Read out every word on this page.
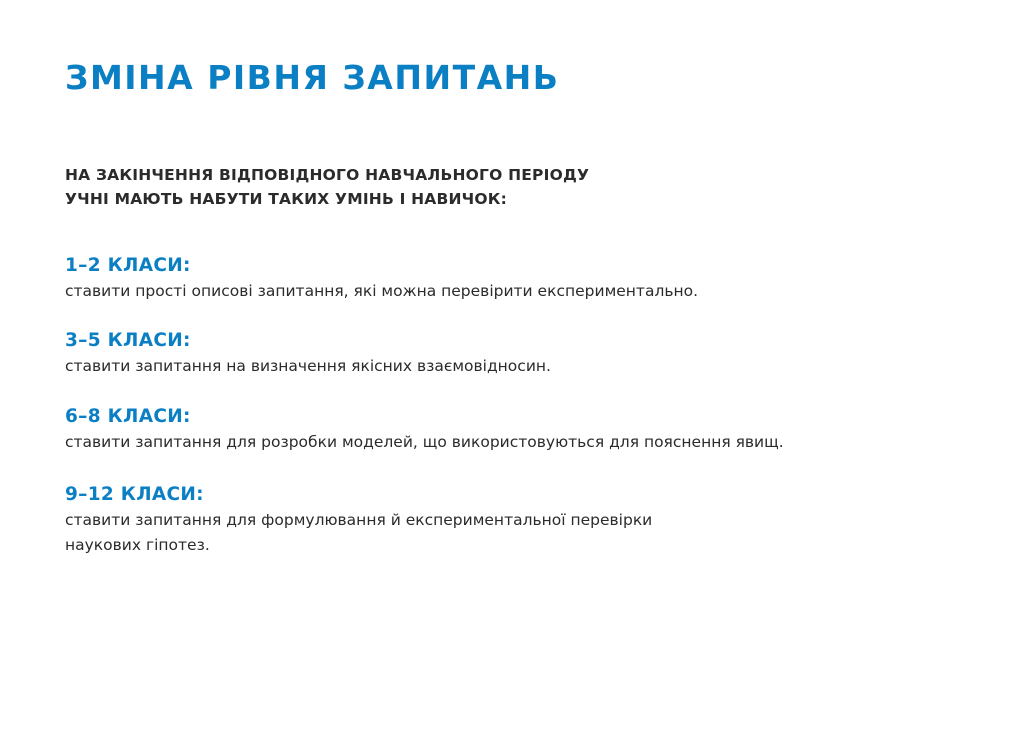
ЗМІНА РІВНЯ ЗАПИТАНЬ
НА ЗАКІНЧЕННЯ ВІДПОВІДНОГО НАВЧАЛЬНОГО ПЕРІОДУ
УЧНІ МАЮТЬ НАБУТИ ТАКИХ УМІНЬ І НАВИЧОК:
1–2 КЛАСИ:
ставити прості описові запитання, які можна перевірити експериментально.
3–5 КЛАСИ:
ставити запитання на визначення якісних взаємовідносин.
6–8 КЛАСИ:
ставити запитання для розробки моделей, що використовуються для пояснення явищ.
9–12 КЛАСИ:
ставити запитання для формулювання й експериментальної перевірки
наукових гіпотез.
